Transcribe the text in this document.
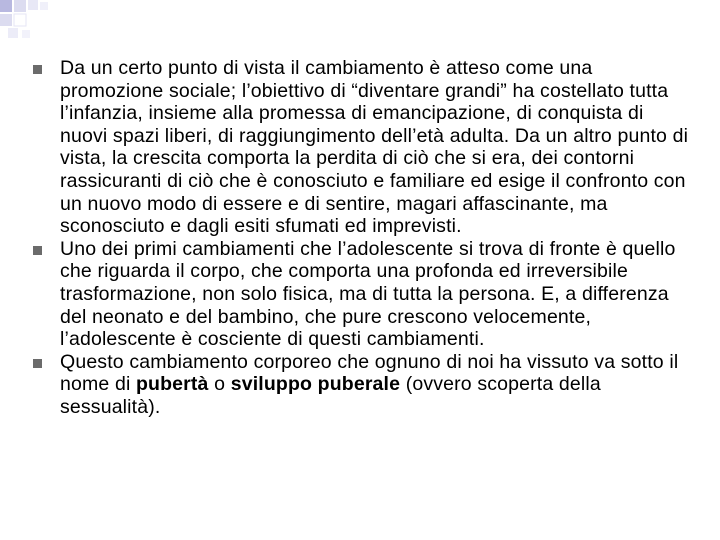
Da un certo punto di vista il cambiamento è atteso come una promozione sociale; l’obiettivo di “diventare grandi” ha costellato tutta l’infanzia, insieme alla promessa di emancipazione, di conquista di nuovi spazi liberi, di raggiungimento dell’età adulta. Da un altro punto di vista, la crescita comporta la perdita di ciò che si era, dei contorni rassicuranti di ciò che è conosciuto e familiare ed esige il confronto con un nuovo modo di essere e di sentire, magari affascinante, ma sconosciuto e dagli esiti sfumati ed imprevisti.
Uno dei primi cambiamenti che l’adolescente si trova di fronte è quello che riguarda il corpo, che comporta una profonda ed irreversibile trasformazione, non solo fisica, ma di tutta la persona. E, a differenza del neonato e del bambino, che pure crescono velocemente, l’adolescente è cosciente di questi cambiamenti.
Questo cambiamento corporeo che ognuno di noi ha vissuto va sotto il nome di pubertà o sviluppo puberale (ovvero scoperta della sessualità).
